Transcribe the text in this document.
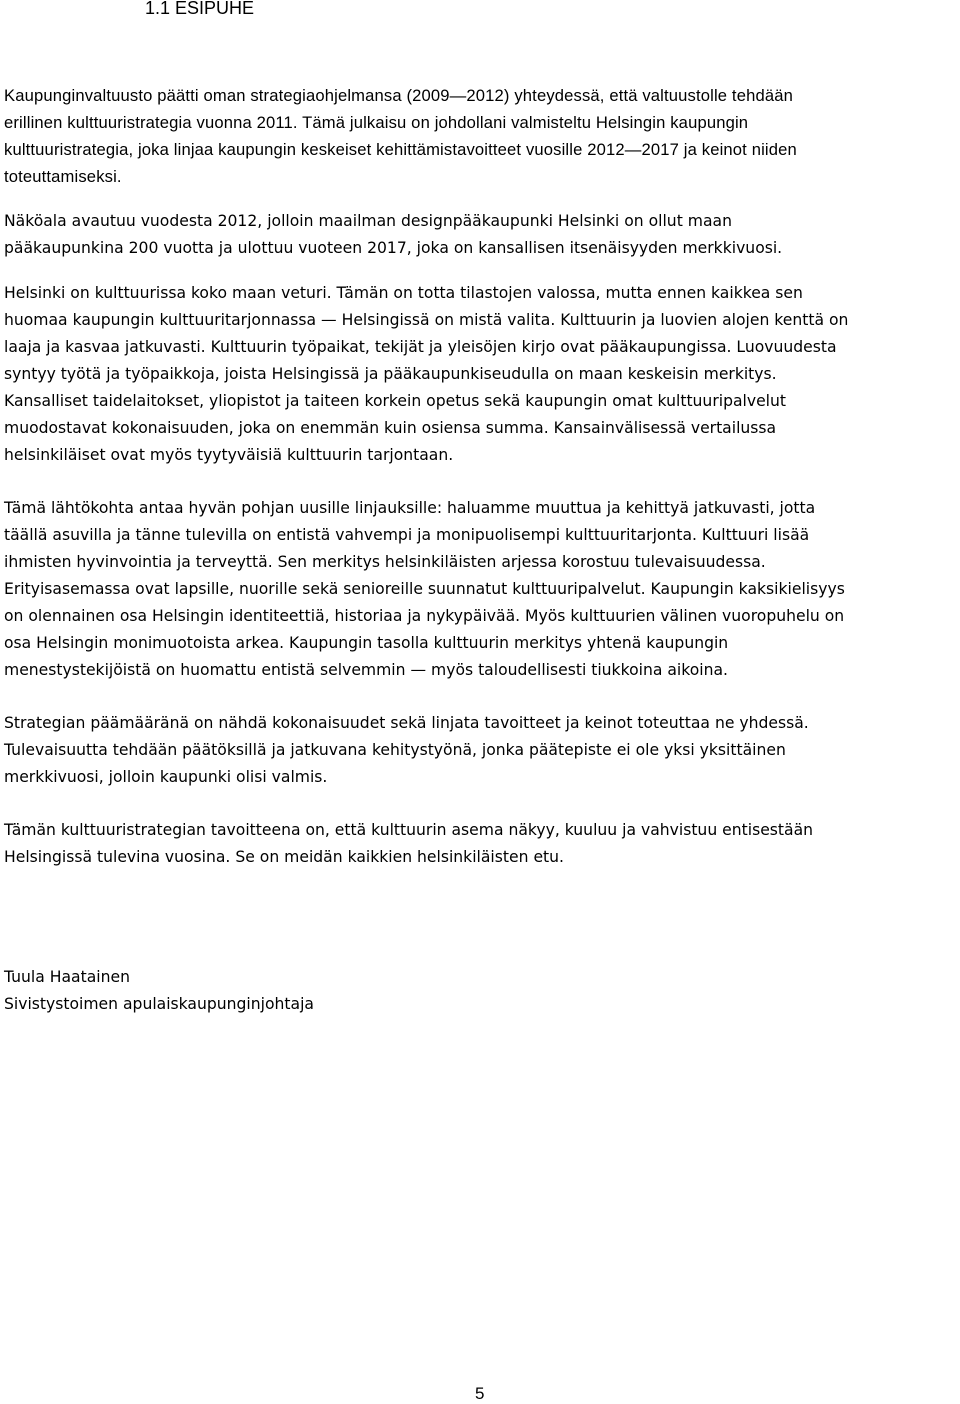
1.1 ESIPUHE

Kaupunginvaltuusto päätti oman strategiaohjelmansa (2009—2012) yhteydessä, että valtuustolle tehdään
erillinen kulttuuristrategia vuonna 2011. Tämä julkaisu on johdollani valmisteltu Helsingin kaupungin
kulttuuristrategia, joka linjaa kaupungin keskeiset kehittämistavoitteet vuosille 2012—2017 ja keinot niiden
toteuttamiseksi.

Näköala avautuu vuodesta 2012, jolloin maailman designpääkaupunki Helsinki on ollut maan
pääkaupunkina 200 vuotta ja ulottuu vuoteen 2017, joka on kansallisen itsenäisyyden merkkivuosi.

Helsinki on kulttuurissa koko maan veturi. Tämän on totta tilastojen valossa, mutta ennen kaikkea sen
huomaa kaupungin kulttuuritarjonnassa — Helsingissä on mistä valita. Kulttuurin ja luovien alojen kenttä on
laaja ja kasvaa jatkuvasti. Kulttuurin työpaikat, tekijät ja yleisöjen kirjo ovat pääkaupungissa. Luovuudesta
syntyy työtä ja työpaikkoja, joista Helsingissä ja pääkaupunkiseudulla on maan keskeisin merkitys.
Kansalliset taidelaitokset, yliopistot ja taiteen korkein opetus sekä kaupungin omat kulttuuripalvelut
muodostavat kokonaisuuden, joka on enemmän kuin osiensa summa. Kansainvälisessä vertailussa
helsinkiläiset ovat myös tyytyväisiä kulttuurin tarjontaan.

Tämä lähtökohta antaa hyvän pohjan uusille linjauksille: haluamme muuttua ja kehittyä jatkuvasti, jotta
täällä asuvilla ja tänne tulevilla on entistä vahvempi ja monipuolisempi kulttuuritarjonta. Kulttuuri lisää
ihmisten hyvinvointia ja terveyttä. Sen merkitys helsinkiläisten arjessa korostuu tulevaisuudessa.
Erityisasemassa ovat lapsille, nuorille sekä senioreille suunnatut kulttuuripalvelut. Kaupungin kaksikielisyys
on olennainen osa Helsingin identiteettiä, historiaa ja nykypäivää. Myös kulttuurien välinen vuoropuhelu on
osa Helsingin monimuotoista arkea. Kaupungin tasolla kulttuurin merkitys yhtenä kaupungin
menestystekijöistä on huomattu entistä selvemmin — myös taloudellisesti tiukkoina aikoina.

Strategian päämääränä on nähdä kokonaisuudet sekä linjata tavoitteet ja keinot toteuttaa ne yhdessä.
Tulevaisuutta tehdään päätöksillä ja jatkuvana kehitystyönä, jonka päätepiste ei ole yksi yksittäinen
merkkivuosi, jolloin kaupunki olisi valmis.

Tämän kulttuuristrategian tavoitteena on, että kulttuurin asema näkyy, kuuluu ja vahvistuu entisestään
Helsingissä tulevina vuosina. Se on meidän kaikkien helsinkiläisten etu.

Tuula Haatainen
Sivistystoimen apulaiskaupunginjohtaja
5
